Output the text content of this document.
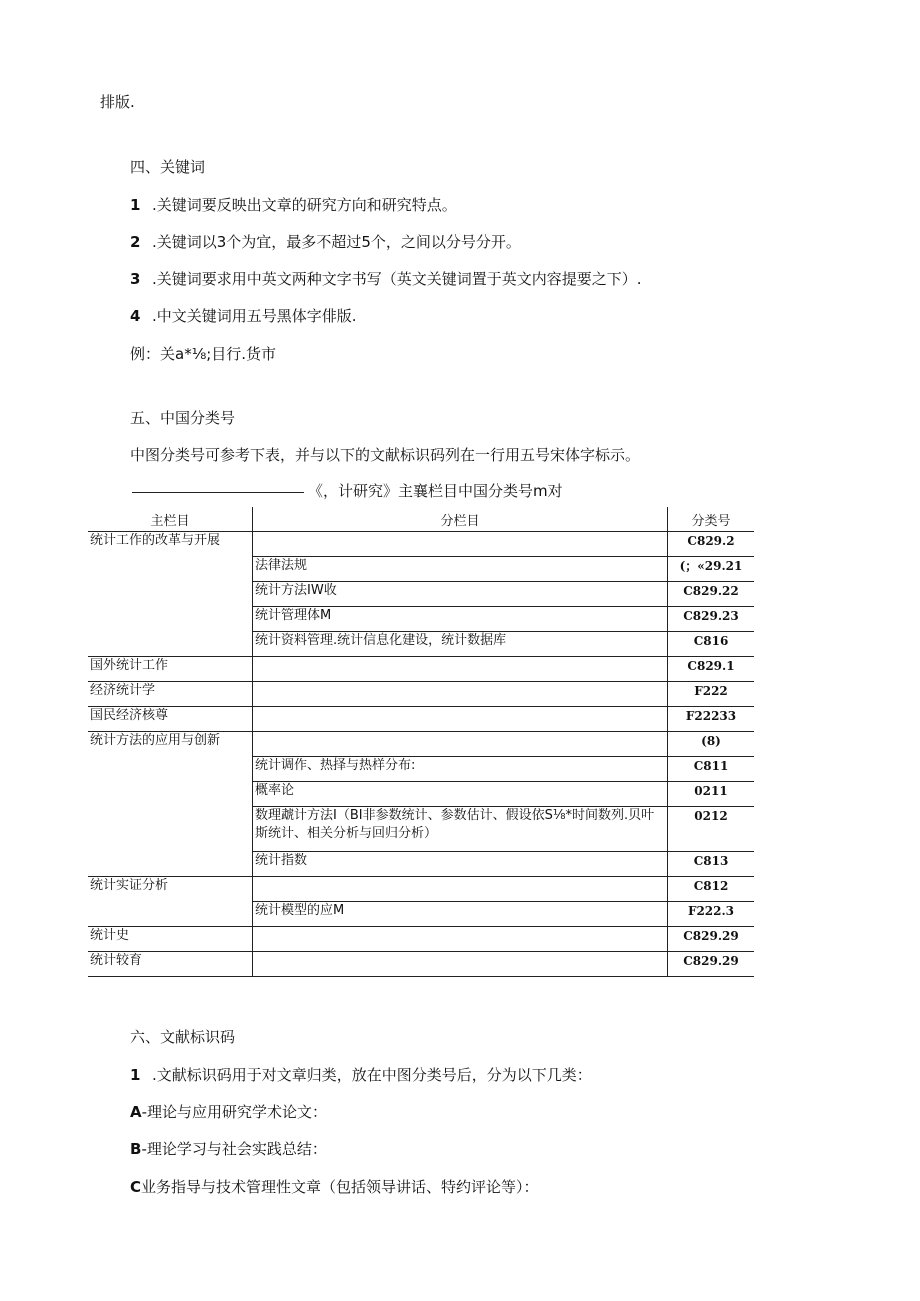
排版.
四、关键词
1 .关键词要反映出文章的研究方向和研究特点。
2 .关键词以3个为宜，最多不超过5个，之间以分号分开。
3 .关键词要求用中英文两种文字书写（英文关键词置于英文内容提要之下）.
4 .中文关键词用五号黑体字俳版.
例：关a*⅛;目行.货市
五、中国分类号
中图分类号可参考下表，并与以下的文献标识码列在一行用五号宋体字标示。
《，计研究》主襄栏目中国分类号m对
主栏目	分栏目	分类号
统计工作的改革与开展		C829.2
	法律法规	(；«29.21
	统计方法IW收	C829.22
	统计管理体M	C829.23
	统计资料管理.统计信息化建设，统计数据库	C816
国外统计工作		C829.1
经济统计学		F222
国民经济核尊		F22233
统计方法的应用与创新		(8)
	统计调作、热择与热样分布:	C811
	概率论	0211
	数理虣计方法I（BI非参数统计、参数估计、假设依S⅛*时间数列.贝叶斯统计、相关分析与回归分析）	0212
	统计指数	C813
统计实证分析		C812
	统计模型的应M	F222.3
统计史		C829.29
统计较育		C829.29
六、文献标识码
1 .文献标识码用于对文章归类，放在中图分类号后，分为以下几类：
A-理论与应用研究学术论文：
B-理论学习与社会实践总结：
C业务指导与技术管理性文章（包括领导讲话、特约评论等）：
